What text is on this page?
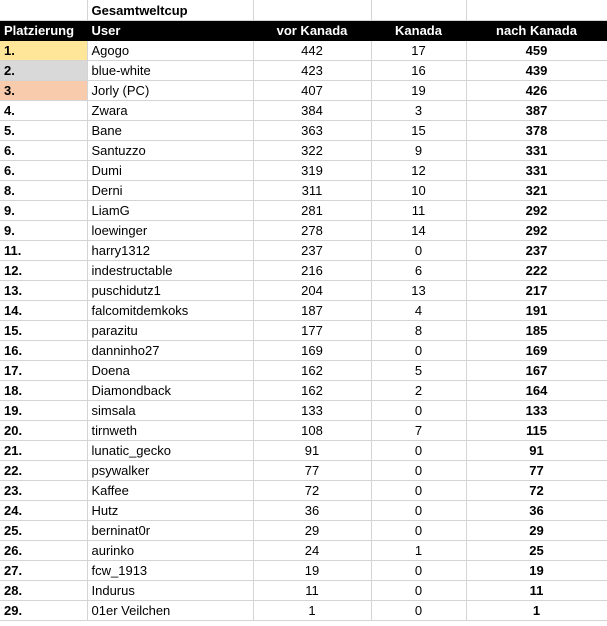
	Gesamtweltcup			
Platzierung	User	vor Kanada	Kanada	nach Kanada
1.	Agogo	442	17	459
2.	blue-white	423	16	439
3.	Jorly (PC)	407	19	426
4.	Zwara	384	3	387
5.	Bane	363	15	378
6.	Santuzzo	322	9	331
6.	Dumi	319	12	331
8.	Derni	311	10	321
9.	LiamG	281	11	292
9.	loewinger	278	14	292
11.	harry1312	237	0	237
12.	indestructable	216	6	222
13.	puschidutz1	204	13	217
14.	falcomitdemkoks	187	4	191
15.	parazitu	177	8	185
16.	danninho27	169	0	169
17.	Doena	162	5	167
18.	Diamondback	162	2	164
19.	simsala	133	0	133
20.	tirnweth	108	7	115
21.	lunatic_gecko	91	0	91
22.	psywalker	77	0	77
23.	Kaffee	72	0	72
24.	Hutz	36	0	36
25.	berninat0r	29	0	29
26.	aurinko	24	1	25
27.	fcw_1913	19	0	19
28.	Indurus	11	0	11
29.	01er Veilchen	1	0	1
